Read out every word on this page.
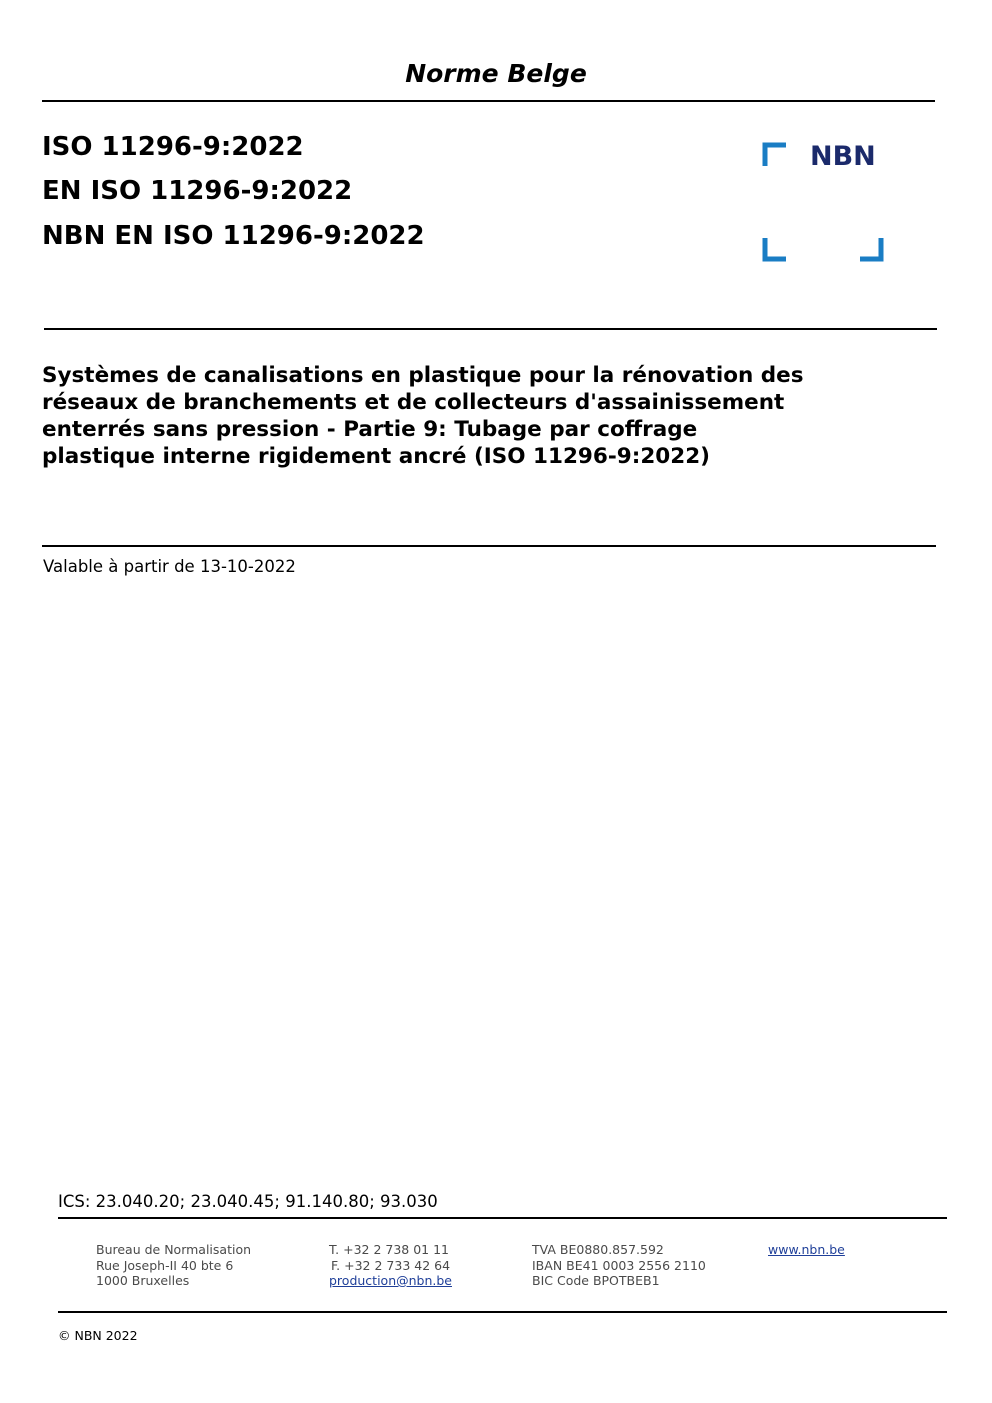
Norme Belge
ISO 11296-9:2022
EN ISO 11296-9:2022
NBN EN ISO 11296-9:2022
NBN
Systèmes de canalisations en plastique pour la rénovation des
réseaux de branchements et de collecteurs d'assainissement
enterrés sans pression - Partie 9: Tubage par coffrage
plastique interne rigidement ancré (ISO 11296-9:2022)
Valable à partir de 13-10-2022
ICS: 23.040.20; 23.040.45; 91.140.80; 93.030
Bureau de Normalisation
Rue Joseph-II 40 bte 6
1000 Bruxelles
T. +32 2 738 01 11
F. +32 2 733 42 64
production@nbn.be
TVA BE0880.857.592
IBAN BE41 0003 2556 2110
BIC Code BPOTBEB1
www.nbn.be
© NBN 2022
